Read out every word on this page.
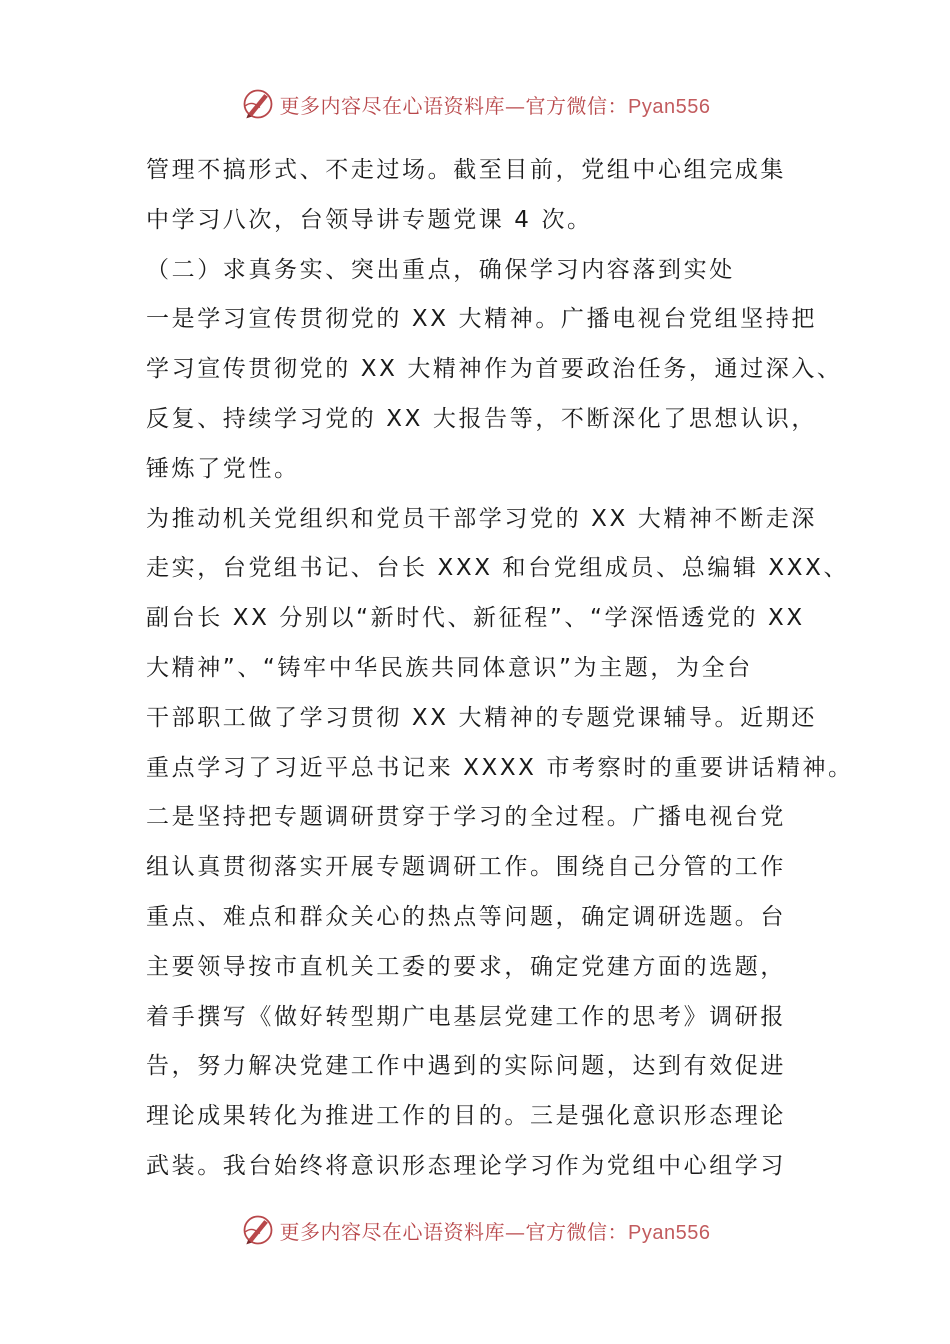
更多内容尽在心语资料库—官方微信：Pyan556
管理不搞形式、不走过场。截至目前，党组中心组完成集
中学习八次，台领导讲专题党课 4 次。
（二）求真务实、突出重点，确保学习内容落到实处
一是学习宣传贯彻党的 XX 大精神。广播电视台党组坚持把
学习宣传贯彻党的 XX 大精神作为首要政治任务，通过深入、
反复、持续学习党的 XX 大报告等，不断深化了思想认识，
锤炼了党性。
为推动机关党组织和党员干部学习党的 XX 大精神不断走深
走实，台党组书记、台长 XXX 和台党组成员、总编辑 XXX、
副台长 XX 分别以“新时代、新征程”、“学深悟透党的 XX
大精神”、“铸牢中华民族共同体意识”为主题，为全台
干部职工做了学习贯彻 XX 大精神的专题党课辅导。近期还
重点学习了习近平总书记来 XXXX 市考察时的重要讲话精神。
二是坚持把专题调研贯穿于学习的全过程。广播电视台党
组认真贯彻落实开展专题调研工作。围绕自己分管的工作
重点、难点和群众关心的热点等问题，确定调研选题。台
主要领导按市直机关工委的要求，确定党建方面的选题，
着手撰写《做好转型期广电基层党建工作的思考》调研报
告，努力解决党建工作中遇到的实际问题，达到有效促进
理论成果转化为推进工作的目的。三是强化意识形态理论
武装。我台始终将意识形态理论学习作为党组中心组学习
更多内容尽在心语资料库—官方微信：Pyan556
